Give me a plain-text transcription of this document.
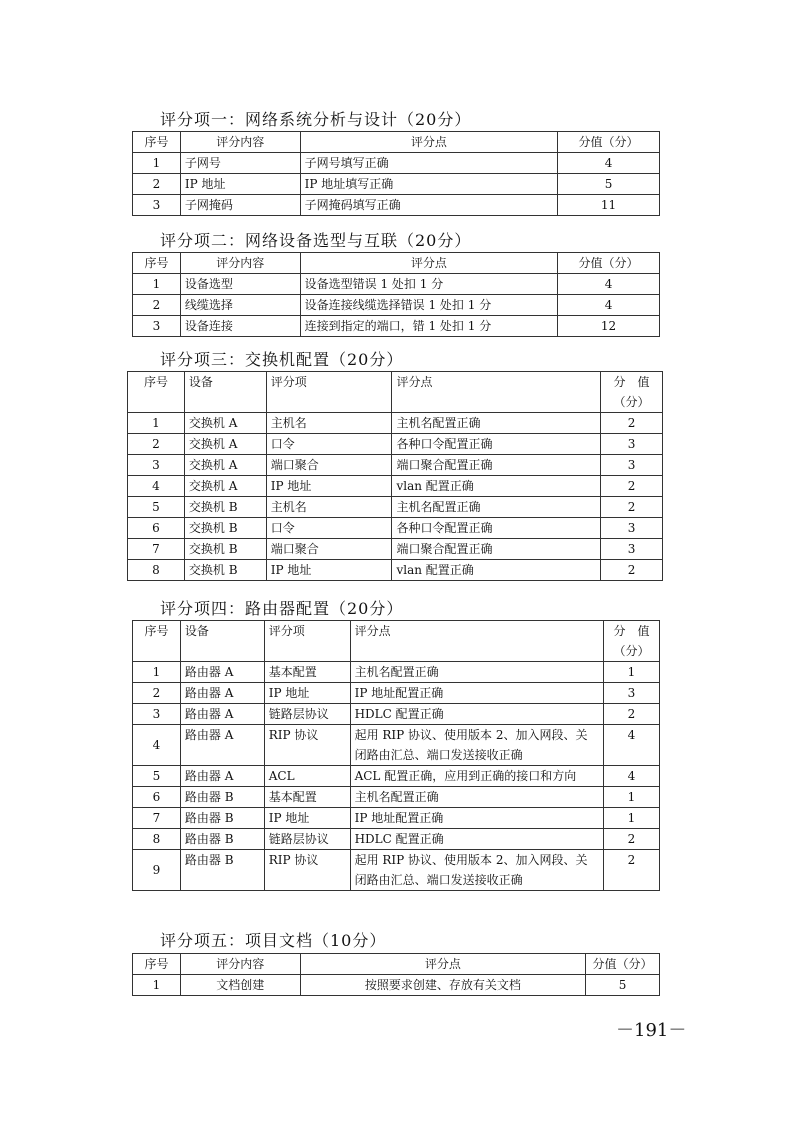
评分项一：网络系统分析与设计（20分）
序号	评分内容	评分点	分值（分）
1	子网号	子网号填写正确	4
2	IP 地址	IP 地址填写正确	5
3	子网掩码	子网掩码填写正确	11
评分项二：网络设备选型与互联（20分）
序号	评分内容	评分点	分值（分）
1	设备选型	设备选型错误 1 处扣 1 分	4
2	线缆选择	设备连接线缆选择错误 1 处扣 1 分	4
3	设备连接	连接到指定的端口，错 1 处扣 1 分	12
评分项三：交换机配置（20分）
序号	设备	评分项	评分点	分　值
（分）

1	交换机 A	主机名	主机名配置正确	2
2	交换机 A	口令	各种口令配置正确	3
3	交换机 A	端口聚合	端口聚合配置正确	3
4	交换机 A	IP 地址	vlan 配置正确	2
5	交换机 B	主机名	主机名配置正确	2
6	交换机 B	口令	各种口令配置正确	3
7	交换机 B	端口聚合	端口聚合配置正确	3
8	交换机 B	IP 地址	vlan 配置正确	2
评分项四：路由器配置（20分）
序号	设备	评分项	评分点	分　值
（分）

1	路由器 A	基本配置	主机名配置正确	1
2	路由器 A	IP 地址	IP 地址配置正确	3
3	路由器 A	链路层协议	HDLC 配置正确	2
4	路由器 A	RIP 协议	起用 RIP 协议、使用版本 2、加入网段、关闭路由汇总、端口发送接收正确	4
5	路由器 A	ACL	ACL 配置正确，应用到正确的接口和方向	4
6	路由器 B	基本配置	主机名配置正确	1
7	路由器 B	IP 地址	IP 地址配置正确	1
8	路由器 B	链路层协议	HDLC 配置正确	2
9	路由器 B	RIP 协议	起用 RIP 协议、使用版本 2、加入网段、关闭路由汇总、端口发送接收正确	2
评分项五：项目文档（10分）
序号	评分内容	评分点	分值（分）
1	文档创建	按照要求创建、存放有关文档	5
－191－
